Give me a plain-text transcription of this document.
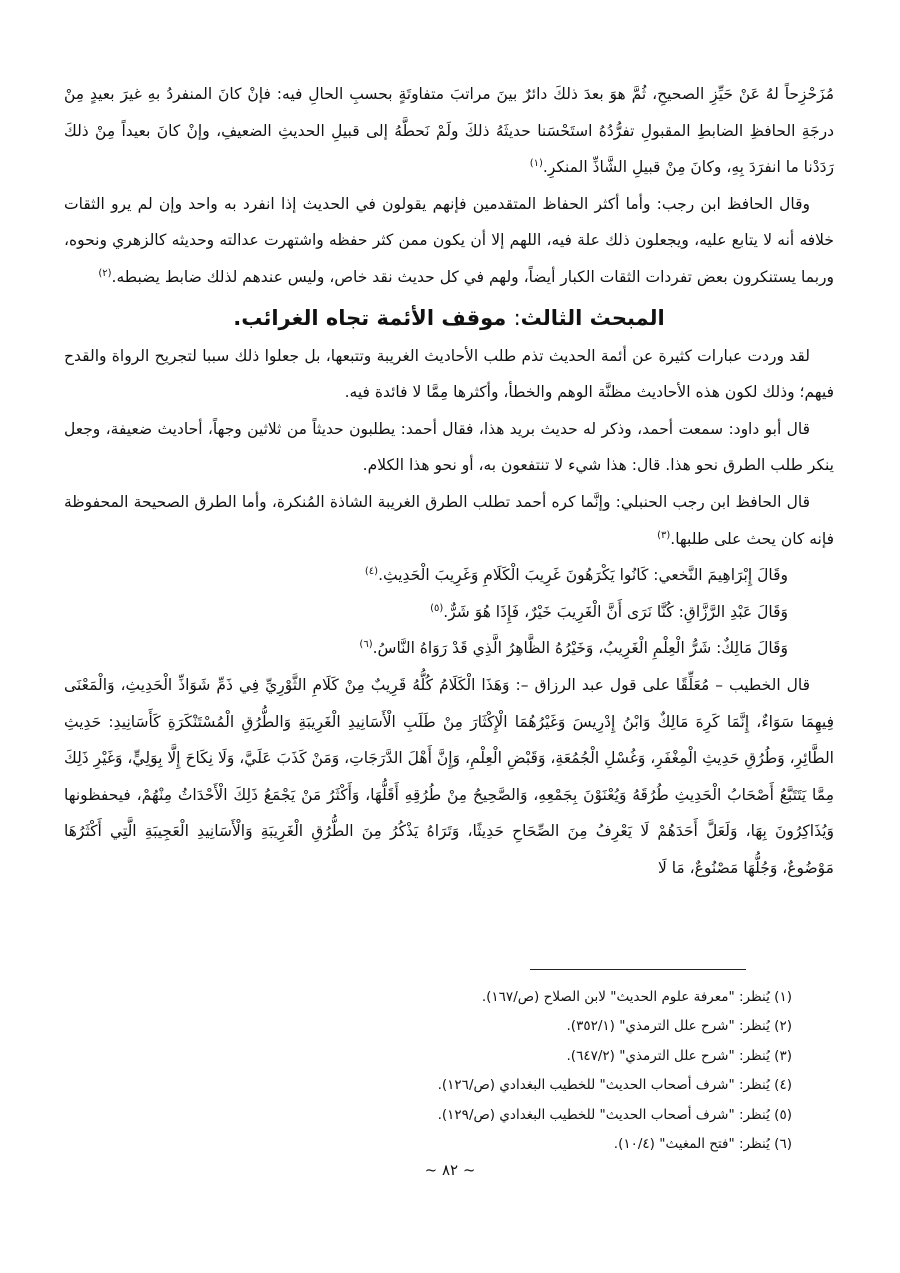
مُزَحْزِحاً لهُ عَنْ حَيِّزِ الصحيحِ، ثُمَّ هوَ بعدَ ذلكَ دائرٌ بينَ مراتبَ متفاوتَةٍ بحسبِ الحالِ فيه: فإنْ كانَ المنفردُ بهِ غيرَ بعيدٍ مِنْ درجَةِ الحافظِ الضابطِ المقبولِ تفرُّدُهُ استَحْسَنا حديثَهُ ذلكَ ولَمْ نَحطَّهُ إلى قبيلِ الحديثِ الضعيفِ، وإنْ كانَ بعيداً مِنْ ذلكَ رَدَدْنا ما انفرَدَ بِهِ، وكانَ مِنْ قبيلِ الشَّاذِّ المنكرِ.$^{(١)}$

وقال الحافظ ابن رجب: وأما أكثر الحفاظ المتقدمين فإنهم يقولون في الحديث إذا انفرد به واحد وإن لم يرو الثقات خلافه أنه لا يتابع عليه، ويجعلون ذلك علة فيه، اللهم إلا أن يكون ممن كثر حفظه واشتهرت عدالته وحديثه كالزهري ونحوه، وربما يستنكرون بعض تفردات الثقات الكبار أيضاً، ولهم في كل حديث نقد خاص، وليس عندهم لذلك ضابط يضبطه.$^{(٢)}$

المبحث الثالث: موقف الأئمة تجاه الغرائب.

لقد وردت عبارات كثيرة عن أئمة الحديث تذم طلب الأحاديث الغريبة وتتبعها، بل جعلوا ذلك سببا لتجريح الرواة والقدح فيهم؛ وذلك لكون هذه الأحاديث مظنَّة الوهم والخطأ، وأكثرها مِمَّا لا فائدة فيه.

قال أبو داود: سمعت أحمد، وذكر له حديث بريد هذا، فقال أحمد: يطلبون حديثاً من ثلاثين وجهاً، أحاديث ضعيفة، وجعل ينكر طلب الطرق نحو هذا. قال: هذا شيء لا تنتفعون به، أو نحو هذا الكلام.

قال الحافظ ابن رجب الحنبلي: وإنَّما كره أحمد تطلب الطرق الغريبة الشاذة المُنكرة، وأما الطرق الصحيحة المحفوظة فإنه كان يحث على طلبها.$^{(٣)}$

وقَالَ إِبْرَاهِيمَ النَّخعي: كَانُوا يَكْرَهُونَ غَرِيبَ الْكَلَامِ وَغَرِيبَ الْحَدِيثِ.$^{(٤)}$

وَقَالَ عَبْدِ الرَّزَّاقِ: كُنَّا نَرَى أَنَّ الْغَرِيبَ خَيْرٌ، فَإِذَا هُوَ شَرٌّ.$^{(٥)}$

وَقَالَ مَالِكٌ: شَرُّ الْعِلْمِ الْغَرِيبُ، وَخَيْرُهُ الظَّاهِرُ الَّذِي قَدْ رَوَاهُ النَّاسُ.$^{(٦)}$

قال الخطيب – مُعَلِّقًا على قول عبد الرزاق –: وَهَذَا الْكَلَامُ كُلُّهُ قَرِيبٌ مِنْ كَلَامِ الثَّوْرِيِّ فِي ذَمِّ شَوَاذِّ الْحَدِيثِ، وَالْمَعْنَى فِيهِمَا سَوَاءٌ، إِنَّمَا كَرِهَ مَالِكٌ وَابْنُ إِدْرِيسَ وَغَيْرُهُمَا الْإِكْثَارَ مِنْ طَلَبِ الْأَسَانِيدِ الْغَرِيبَةِ وَالطُّرُقِ الْمُسْتَنْكَرَةِ كَأَسَانِيدِ: حَدِيثِ الطَّائِرِ، وَطُرُقِ حَدِيثِ الْمِغْفَرِ، وَغُسْلِ الْجُمُعَةِ، وَقَبْضِ الْعِلْمِ، وَإِنَّ أَهْلَ الدَّرَجَاتِ، وَمَنْ كَذَبَ عَلَيَّ، وَلَا نِكَاحَ إِلَّا بِوَلِيٍّ، وَغَيْرِ ذَلِكَ مِمَّا يَتَتَبَّعُ أَصْحَابُ الْحَدِيثِ طُرُقَهُ وَيُعْنَوْنَ بِجَمْعِهِ، وَالصَّحِيحُ مِنْ طُرُقِهِ أَقَلُّهَا، وَأَكْثَرُ مَنْ يَجْمَعُ ذَلِكَ الْأَحْدَاثُ مِنْهُمْ، فيحفظونها وَيُذَاكِرُونَ بِهَا، وَلَعَلَّ أَحَدَهُمْ لَا يَعْرِفُ مِنَ الصِّحَاحِ حَدِيثًا، وَتَرَاهُ يَذْكُرُ مِنَ الطُّرُقِ الْغَرِيبَةِ وَالْأَسَانِيدِ الْعَجِيبَةِ الَّتِي أَكْثَرُهَا مَوْضُوعٌ، وَجُلُّهَا مَصْنُوعٌ، مَا لَا

(١) يُنظر: "معرفة علوم الحديث" لابن الصلاح (ص/١٦٧).
(٢) يُنظر: "شرح علل الترمذي" (٣٥٢/١).
(٣) يُنظر: "شرح علل الترمذي" (٦٤٧/٢).
(٤) يُنظر: "شرف أصحاب الحديث" للخطيب البغدادي (ص/١٢٦).
(٥) يُنظر: "شرف أصحاب الحديث" للخطيب البغدادي (ص/١٢٩).
(٦) يُنظر: "فتح المغيث" (١٠/٤).
~ ٨٢ ~
